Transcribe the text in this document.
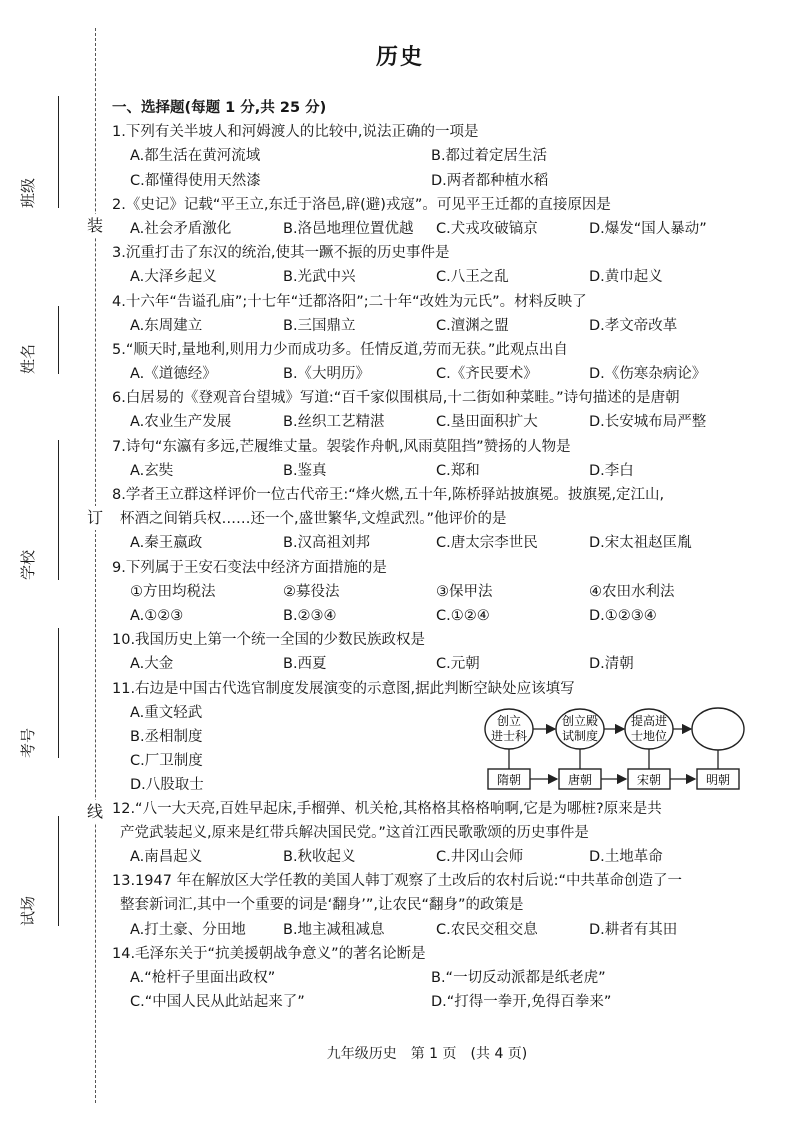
装
订
线
班级
姓名
学校
考号
试场
历史
一、选择题(每题 1 分,共 25 分)
1.下列有关半坡人和河姆渡人的比较中,说法正确的一项是
A.都生活在黄河流域	B.都过着定居生活
C.都懂得使用天然漆	D.两者都种植水稻
2.《史记》记载“平王立,东迁于洛邑,辟(避)戎寇”。可见平王迁都的直接原因是
A.社会矛盾激化	B.洛邑地理位置优越	C.犬戎攻破镐京	D.爆发“国人暴动”
3.沉重打击了东汉的统治,使其一蹶不振的历史事件是
A.大泽乡起义	B.光武中兴	C.八王之乱	D.黄巾起义
4.十六年“告谥孔庙”;十七年“迁都洛阳”;二十年“改姓为元氏”。材料反映了
A.东周建立	B.三国鼎立	C.澶渊之盟	D.孝文帝改革
5.“顺天时,量地利,则用力少而成功多。任情反道,劳而无获。”此观点出自
A.《道德经》	B.《大明历》	C.《齐民要术》	D.《伤寒杂病论》
6.白居易的《登观音台望城》写道:“百千家似围棋局,十二街如种菜畦。”诗句描述的是唐朝
A.农业生产发展	B.丝织工艺精湛	C.垦田面积扩大	D.长安城布局严整
7.诗句“东瀛有多远,芒履维丈量。袈裟作舟帆,风雨莫阻挡”赞扬的人物是
A.玄奘	B.鉴真	C.郑和	D.李白
8.学者王立群这样评价一位古代帝王:“烽火燃,五十年,陈桥驿站披旗冕。披旗冕,定江山,
杯酒之间销兵权……还一个,盛世繁华,文煌武烈。”他评价的是
A.秦王嬴政	B.汉高祖刘邦	C.唐太宗李世民	D.宋太祖赵匡胤
9.下列属于王安石变法中经济方面措施的是
①方田均税法	②募役法	③保甲法	④农田水利法
A.①②③	B.②③④	C.①②④	D.①②③④
10.我国历史上第一个统一全国的少数民族政权是
A.大金	B.西夏	C.元朝	D.清朝
11.右边是中国古代选官制度发展演变的示意图,据此判断空缺处应该填写
A.重文轻武
B.丞相制度
C.厂卫制度
D.八股取士
创立
进士科
创立殿
试制度
提高进
士地位
隋朝	唐朝	宋朝	明朝
12.“八一大天亮,百姓早起床,手榴弹、机关枪,其格格其格格响啊,它是为哪桩?原来是共
产党武装起义,原来是红带兵解决国民党。”这首江西民歌歌颂的历史事件是
A.南昌起义	B.秋收起义	C.井冈山会师	D.土地革命
13.1947 年在解放区大学任教的美国人韩丁观察了土改后的农村后说:“中共革命创造了一
整套新词汇,其中一个重要的词是‘翻身’”,让农民“翻身”的政策是
A.打土豪、分田地	B.地主减租减息	C.农民交租交息	D.耕者有其田
14.毛泽东关于“抗美援朝战争意义”的著名论断是
A.“枪杆子里面出政权”	B.“一切反动派都是纸老虎”
C.“中国人民从此站起来了”	D.“打得一拳开,免得百拳来”
九年级历史　第 1 页　(共 4 页)
